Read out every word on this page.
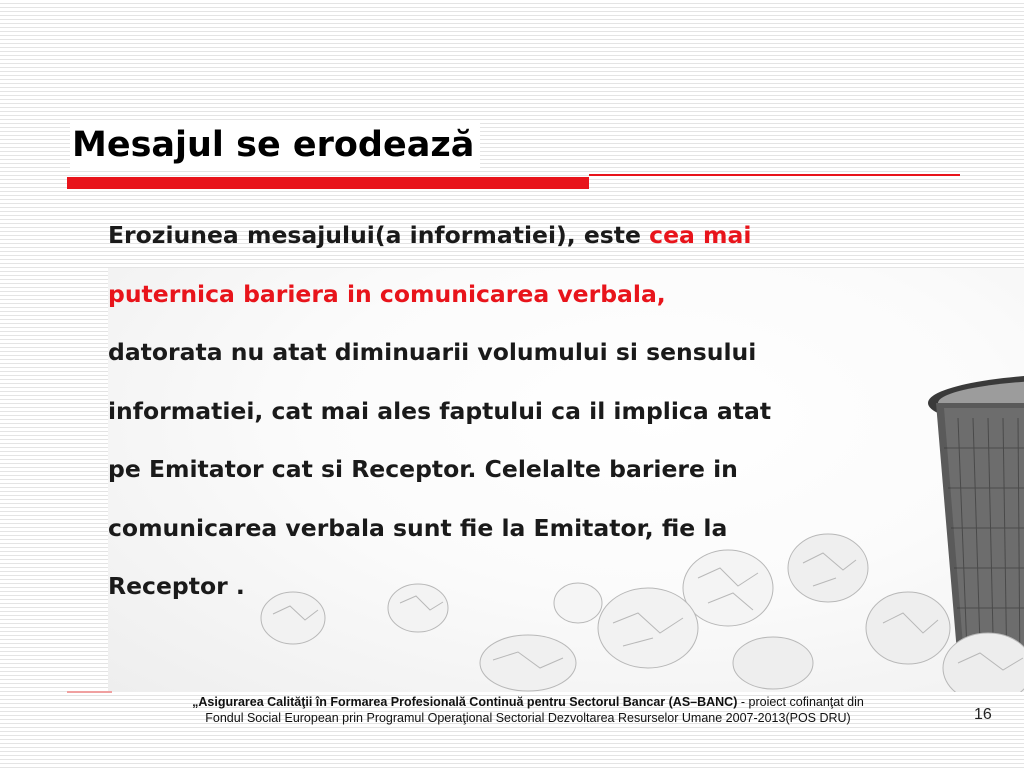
Mesajul se erodează
Eroziunea mesajului(a informatiei), este cea mai
puternica bariera in comunicarea verbala,
datorata nu atat diminuarii volumului si sensului
informatiei, cat mai ales faptului ca il implica atat
pe Emitator cat si Receptor. Celelalte bariere in
comunicarea verbala sunt fie la Emitator, fie la
Receptor .
„Asigurarea Calităţii în Formarea Profesională Continuă pentru Sectorul Bancar (AS–BANC) - proiect cofinanţat din
Fondul Social European prin Programul Operaţional Sectorial Dezvoltarea Resurselor Umane 2007-2013(POS DRU)	16
